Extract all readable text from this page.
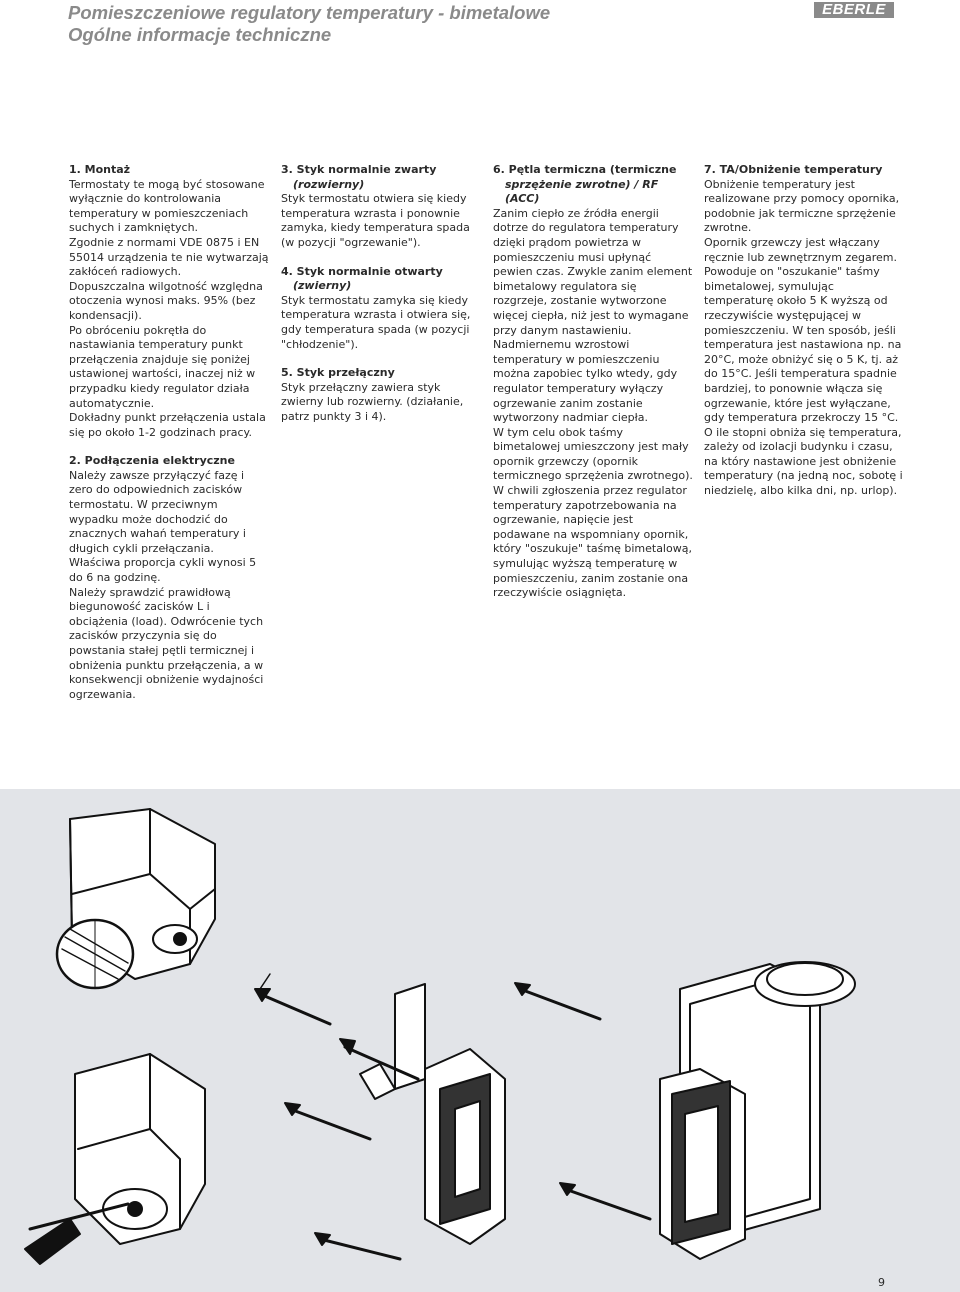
Pomieszczeniowe regulatory temperatury - bimetalowe
Ogólne informacje techniczne
EBERLE
1. Montaż

Termostaty te mogą być stosowane wyłącznie do kontrolowania temperatury w pomieszczeniach suchych i zamkniętych.

Zgodnie z normami VDE 0875 i EN 55014 urządzenia te nie wytwarzają zakłóceń radiowych.

Dopuszczalna wilgotność względna otoczenia wynosi maks. 95% (bez kondensacji).

Po obróceniu pokrętła do nastawiania temperatury punkt przełączenia znajduje się poniżej ustawionej wartości, inaczej niż w przypadku kiedy regulator działa automatycznie.

Dokładny punkt przełączenia ustala się po około 1-2 godzinach pracy.

2. Podłączenia elektryczne

Należy zawsze przyłączyć fazę i zero do odpowiednich zacisków termostatu. W przeciwnym wypadku może dochodzić do znacznych wahań temperatury i długich cykli przełączania.

Właściwa proporcja cykli wynosi 5 do 6 na godzinę.

Należy sprawdzić prawidłową biegunowość zacisków L i obciążenia (load). Odwrócenie tych zacisków przyczynia się do powstania stałej pętli termicznej i obniżenia punktu przełączenia, a w konsekwencji obniżenie wydajności ogrzewania.

3. Styk normalnie zwarty

(rozwierny)

Styk termostatu otwiera się kiedy temperatura wzrasta i ponownie zamyka, kiedy temperatura spada (w pozycji "ogrzewanie").

4. Styk normalnie otwarty

(zwierny)

Styk termostatu zamyka się kiedy temperatura wzrasta i otwiera się, gdy temperatura spada (w pozycji "chłodzenie").

5. Styk przełączny

Styk przełączny zawiera styk zwierny lub rozwierny. (działanie, patrz punkty 3 i 4).

6. Pętla termiczna (termiczne

sprzężenie zwrotne) / RF (ACC)

Zanim ciepło ze źródła energii dotrze do regulatora temperatury dzięki prądom powietrza w pomieszczeniu musi upłynąć pewien czas. Zwykle zanim element bimetalowy regulatora się rozgrzeje, zostanie wytworzone więcej ciepła, niż jest to wymagane przy danym nastawieniu. Nadmiernemu wzrostowi temperatury w pomieszczeniu można zapobiec tylko wtedy, gdy regulator temperatury wyłączy ogrzewanie zanim zostanie wytworzony nadmiar ciepła.

W tym celu obok taśmy bimetalowej umieszczony jest mały opornik grzewczy (opornik termicznego sprzężenia zwrotnego). W chwili zgłoszenia przez regulator temperatury zapotrzebowania na ogrzewanie, napięcie jest podawane na wspomniany opornik, który "oszukuje" taśmę bimetalową, symulując wyższą temperaturę w pomieszczeniu, zanim zostanie ona rzeczywiście osiągnięta.

7. TA/Obniżenie temperatury

Obniżenie temperatury jest realizowane przy pomocy opornika, podobnie jak termiczne sprzężenie zwrotne.

Opornik grzewczy jest włączany ręcznie lub zewnętrznym zegarem. Powoduje on "oszukanie" taśmy bimetalowej, symulując temperaturę około 5 K wyższą od rzeczywiście występującej w pomieszczeniu. W ten sposób, jeśli temperatura jest nastawiona np. na 20°C, może obniżyć się o 5 K, tj. aż do 15°C. Jeśli temperatura spadnie bardziej, to ponownie włącza się ogrzewanie, które jest wyłączane, gdy temperatura przekroczy 15 °C.

O ile stopni obniża się temperatura, zależy od izolacji budynku i czasu, na który nastawione jest obniżenie temperatury (na jedną noc, sobotę i niedzielę, albo kilka dni, np. urlop).

9
